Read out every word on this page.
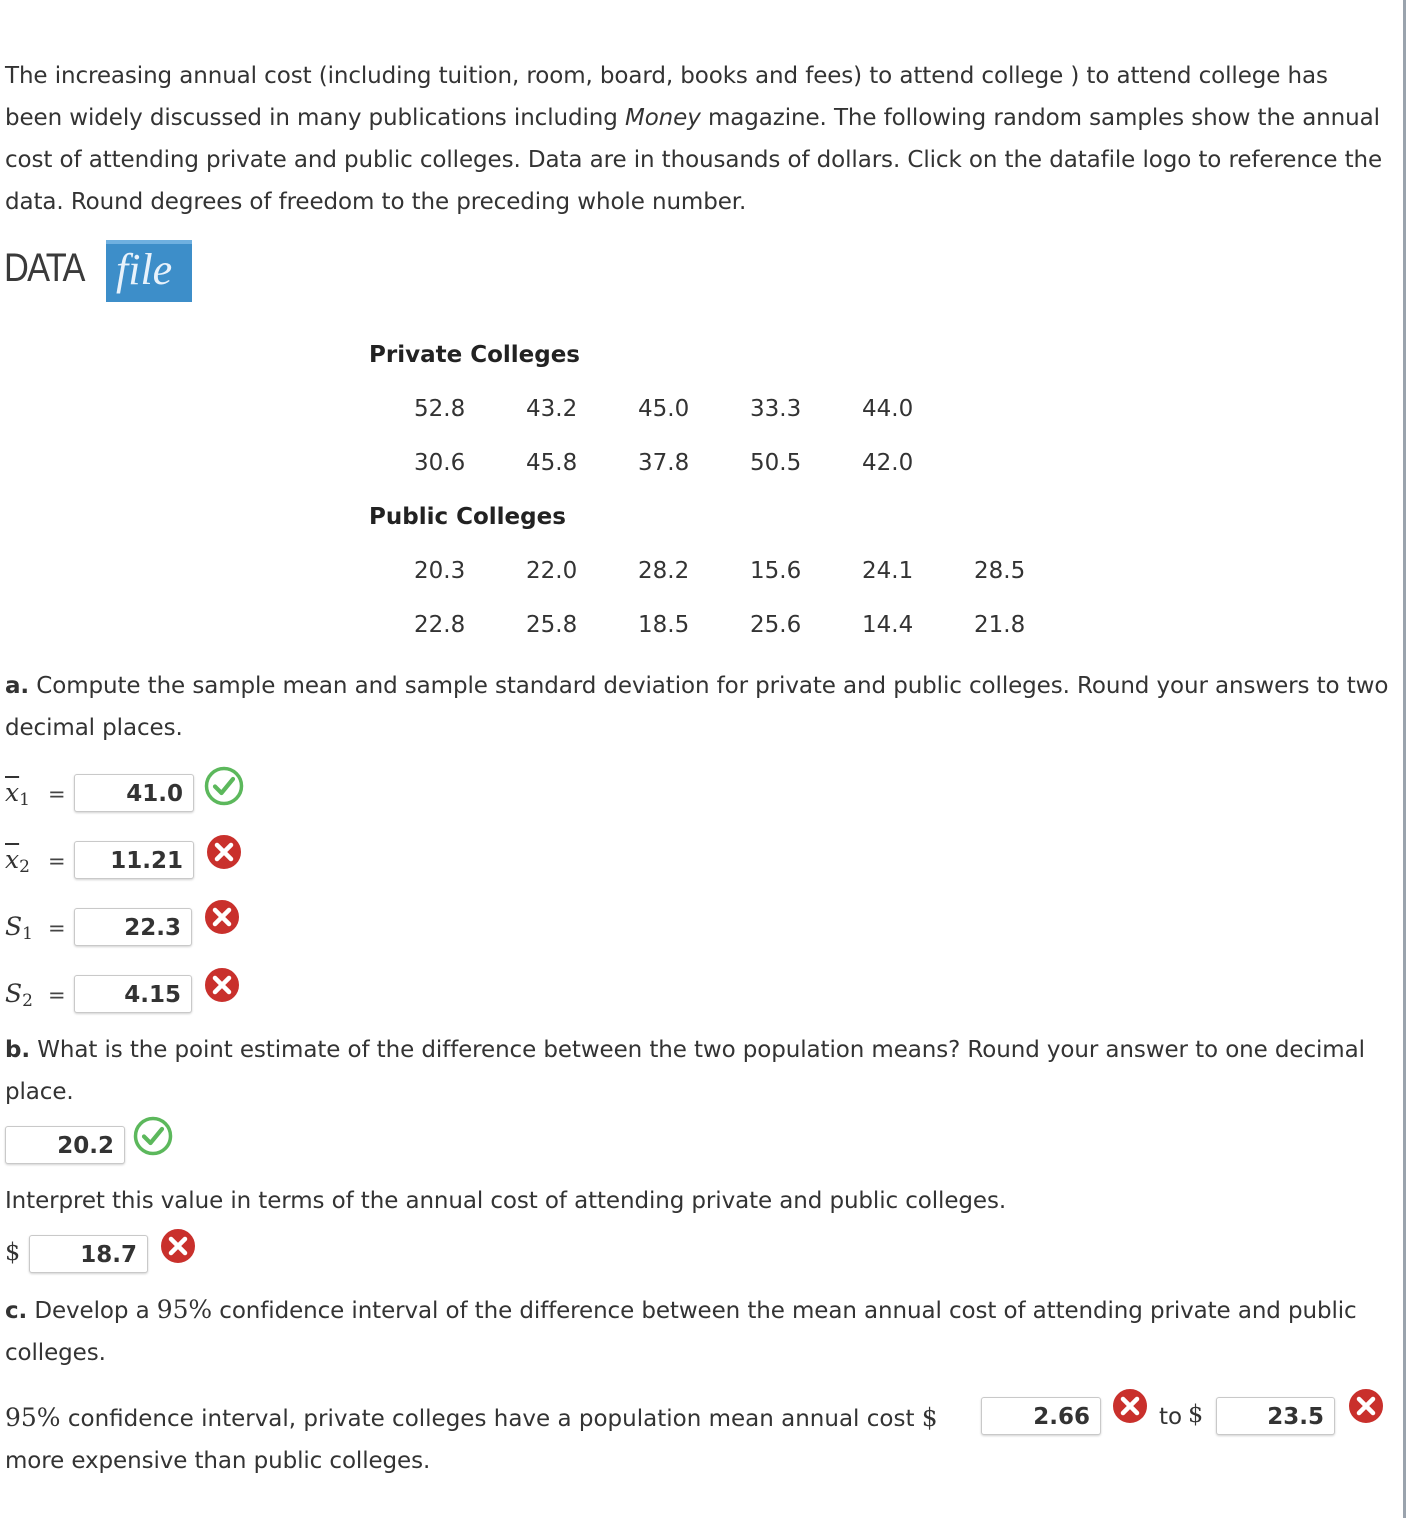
The increasing annual cost (including tuition, room, board, books and fees) to attend college ) to attend college has been widely discussed in many publications including Money magazine. The following random samples show the annual cost of attending private and public colleges. Data are in thousands of dollars. Click on the datafile logo to reference the data. Round degrees of freedom to the preceding whole number.

DATA file
Private Colleges
52.8	43.2	45.0	33.3	44.0
30.6	45.8	37.8	50.5	42.0
Public Colleges
20.3	22.0	28.2	15.6	24.1	28.5
22.8	25.8	18.5	25.6	14.4	21.8

a. Compute the sample mean and sample standard deviation for private and public colleges. Round your answers to two decimal places.

$\overline{x}_1$ =	41.0
$\overline{x}_2$ =	11.21
$S_1$ =	22.3
$S_2$ =	4.15

b. What is the point estimate of the difference between the two population means? Round your answer to one decimal place.

20.2

Interpret this value in terms of the annual cost of attending private and public colleges.

$	18.7

c. Develop a 95% confidence interval of the difference between the mean annual cost of attending private and public colleges.

95% confidence interval, private colleges have a population mean annual cost $	2.66	to $	23.5

more expensive than public colleges.
